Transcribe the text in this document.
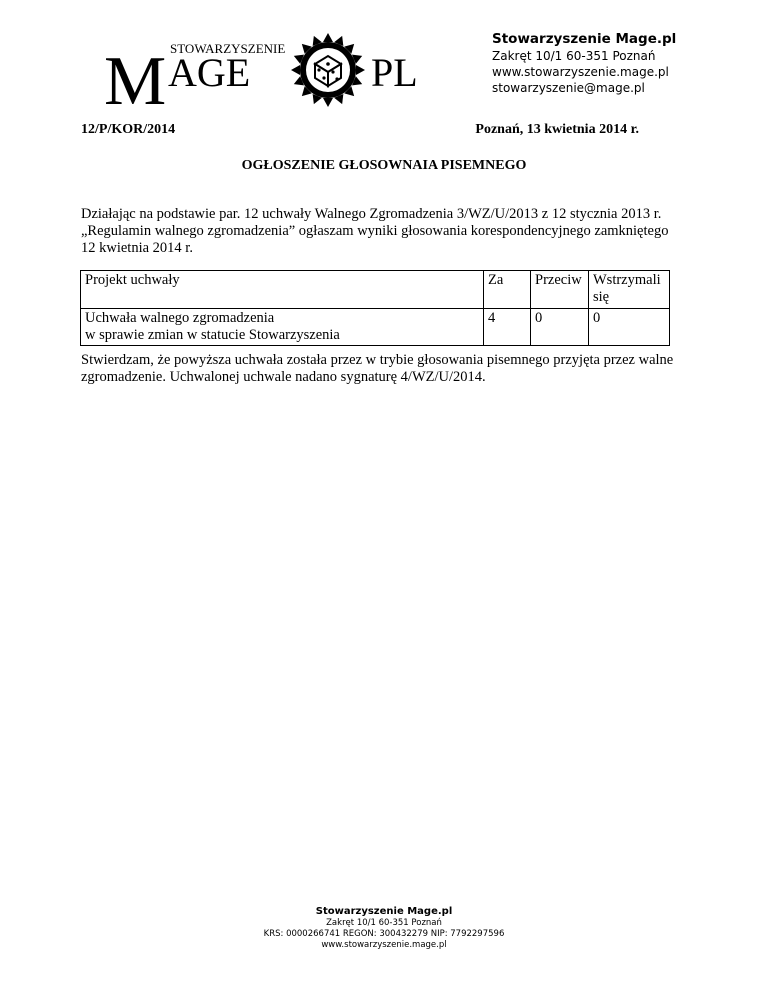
M STOWARZYSZENIE
AGE	PL
Stowarzyszenie Mage.pl
Zakręt 10/1 60-351 Poznań
www.stowarzyszenie.mage.pl
stowarzyszenie@mage.pl
12/P/KOR/2014	Poznań, 13 kwietnia 2014 r.
OGŁOSZENIE GŁOSOWNAIA PISEMNEGO
Działając na podstawie par. 12 uchwały Walnego Zgromadzenia 3/WZ/U/2013 z 12 stycznia 2013 r. „Regulamin walnego zgromadzenia” ogłaszam wyniki głosowania korespondencyjnego zamkniętego 12 kwietnia 2014 r.
Projekt uchwały	Za	Przeciw	Wstrzymali się

Uchwała walnego zgromadzenia
w sprawie zmian w statucie Stowarzyszenia	4	0	0
Stwierdzam, że powyższa uchwała została przez w trybie głosowania pisemnego przyjęta przez walne zgromadzenie. Uchwalonej uchwale nadano sygnaturę 4/WZ/U/2014.
Stowarzyszenie Mage.pl
Zakręt 10/1 60-351 Poznań
KRS: 0000266741 REGON: 300432279 NIP: 7792297596
www.stowarzyszenie.mage.pl
